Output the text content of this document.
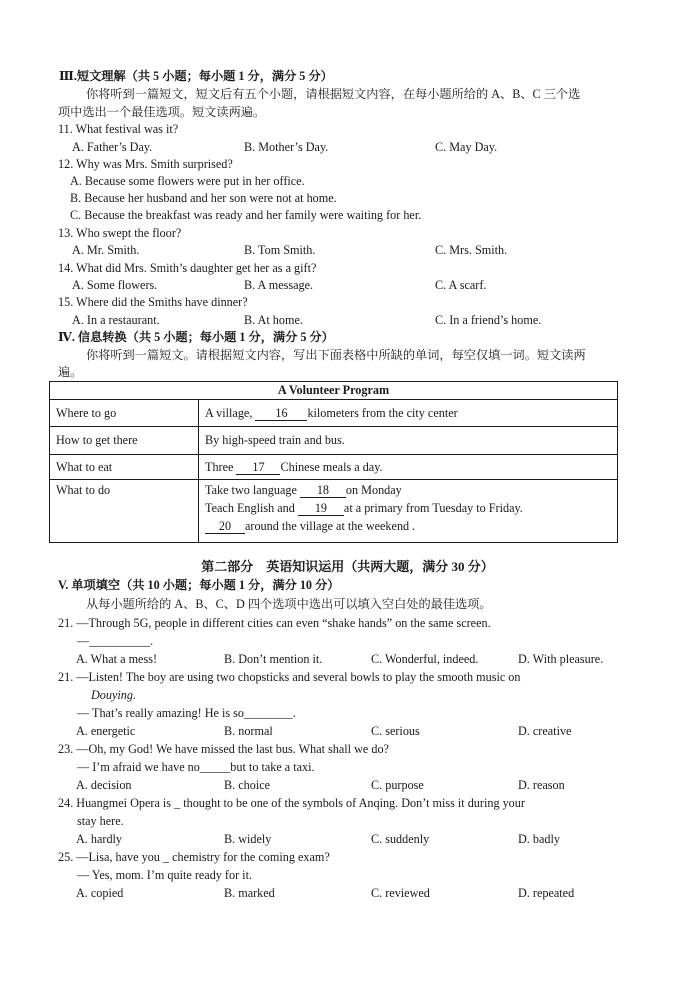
Ⅲ.短文理解（共 5 小题；每小题 1 分，满分 5 分）
你将听到一篇短文，短文后有五个小题，请根据短文内容，在每小题所给的 A、B、C 三个选
项中选出一个最佳选项。短文读两遍。
11. What festival was it?
A. Father’s Day.	B. Mother’s Day.	C. May Day.
12. Why was Mrs. Smith surprised?
A. Because some flowers were put in her office.
B. Because her husband and her son were not at home.
C. Because the breakfast was ready and her family were waiting for her.
13. Who swept the floor?
A. Mr. Smith.	B. Tom Smith.	C. Mrs. Smith.
14. What did Mrs. Smith’s daughter get her as a gift?
A. Some flowers.	B. A message.	C. A scarf.
15. Where did the Smiths have dinner?
A. In a restaurant.	B. At home.	C. In a friend’s home.
Ⅳ. 信息转换（共 5 小题；每小题 1 分，满分 5 分）
你将听到一篇短文。请根据短文内容，写出下面表格中所缺的单词，每空仅填一词。短文读两
遍。
A Volunteer Program	
Where to go	A village, 16 kilometers from the city center
How to get there	By high-speed train and bus.
What to eat	Three 17 Chinese meals a day.
What to do	Take two language 18 on Monday
Teach English and 19 at a primary from Tuesday to Friday.
20 around the village at the weekend .
第二部分　英语知识运用（共两大题，满分 30 分）
V. 单项填空（共 10 小题；每小题 1 分，满分 10 分）
从每小题所给的 A、B、C、D 四个选项中选出可以填入空白处的最佳选项。
21. —Through 5G, people in different cities can even “shake hands” on the same screen.
—__________.
A. What a mess!	B. Don’t mention it.	C. Wonderful, indeed.	D. With pleasure.
21. —Listen! The boy are using two chopsticks and several bowls to play the smooth music on
Douying.
— That’s really amazing! He is so________.
A. energetic	B. normal	C. serious	D. creative
23. —Oh, my God! We have missed the last bus. What shall we do?
— I’m afraid we have no_____but to take a taxi.
A. decision	B. choice	C. purpose	D. reason
24. Huangmei Opera is _ thought to be one of the symbols of Anqing. Don’t miss it during your
stay here.
A. hardly	B. widely	C. suddenly	D. badly
25. —Lisa, have you _ chemistry for the coming exam?
— Yes, mom. I’m quite ready for it.
A. copied	B. marked	C. reviewed	D. repeated
